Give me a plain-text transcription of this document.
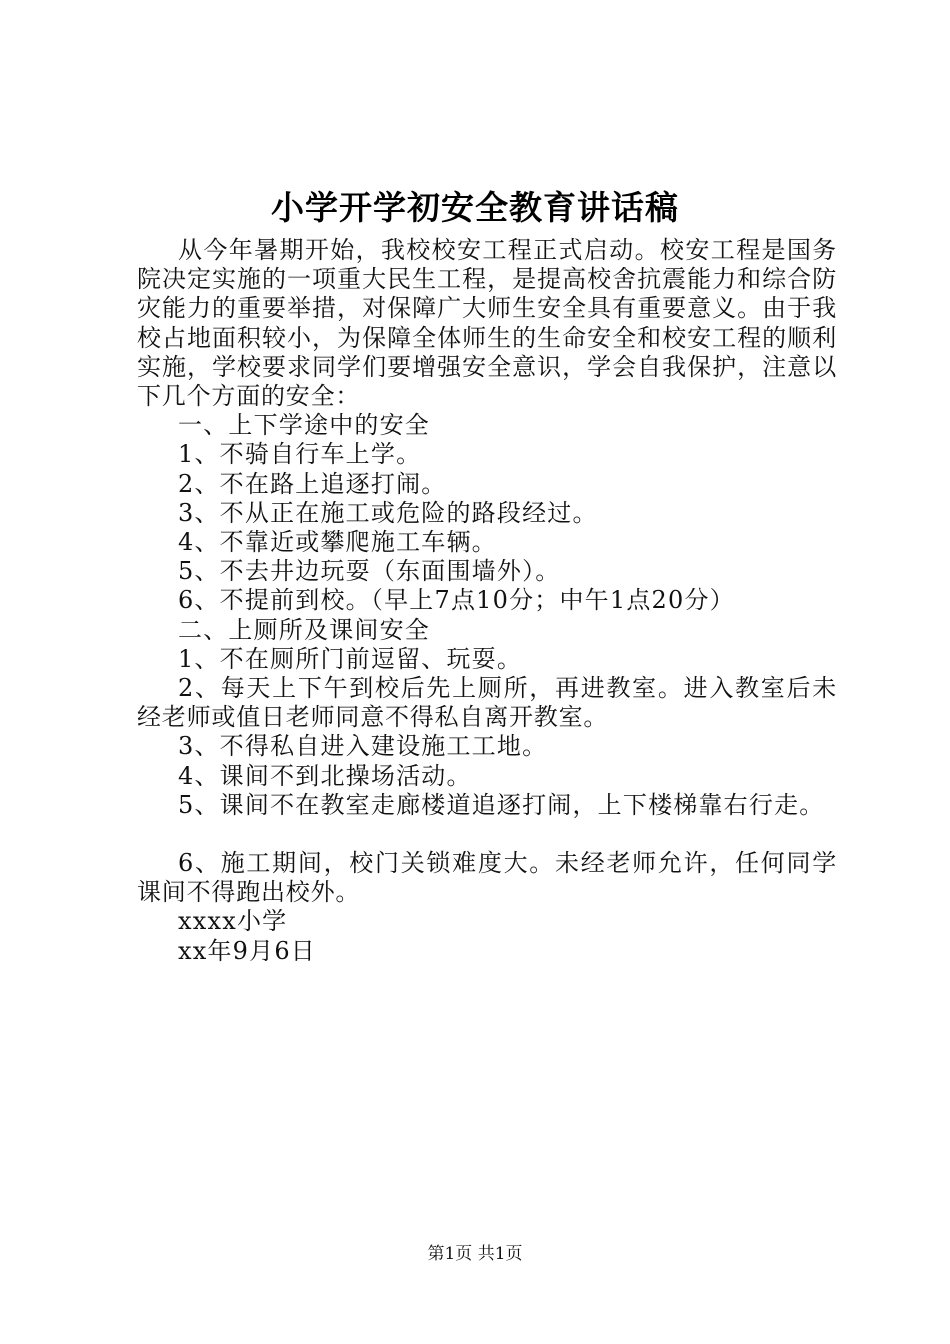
小学开学初安全教育讲话稿

从今年暑期开始，我校校安工程正式启动。校安工程是国务院决定实施的一项重大民生工程，是提高校舍抗震能力和综合防灾能力的重要举措，对保障广大师生安全具有重要意义。由于我校占地面积较小，为保障全体师生的生命安全和校安工程的顺利实施，学校要求同学们要增强安全意识，学会自我保护，注意以下几个方面的安全：

一、上下学途中的安全

1、不骑自行车上学。

2、不在路上追逐打闹。

3、不从正在施工或危险的路段经过。

4、不靠近或攀爬施工车辆。

5、不去井边玩耍（东面围墙外）。

6、不提前到校。（早上7点10分；中午1点20分）

二、上厕所及课间安全

1、不在厕所门前逗留、玩耍。

2、每天上下午到校后先上厕所，再进教室。进入教室后未经老师或值日老师同意不得私自离开教室。

3、不得私自进入建设施工工地。

4、课间不到北操场活动。

5、课间不在教室走廊楼道追逐打闹，上下楼梯靠右行走。

6、施工期间，校门关锁难度大。未经老师允许，任何同学课间不得跑出校外。

xxxx小学

xx年9月6日

第1页 共1页
